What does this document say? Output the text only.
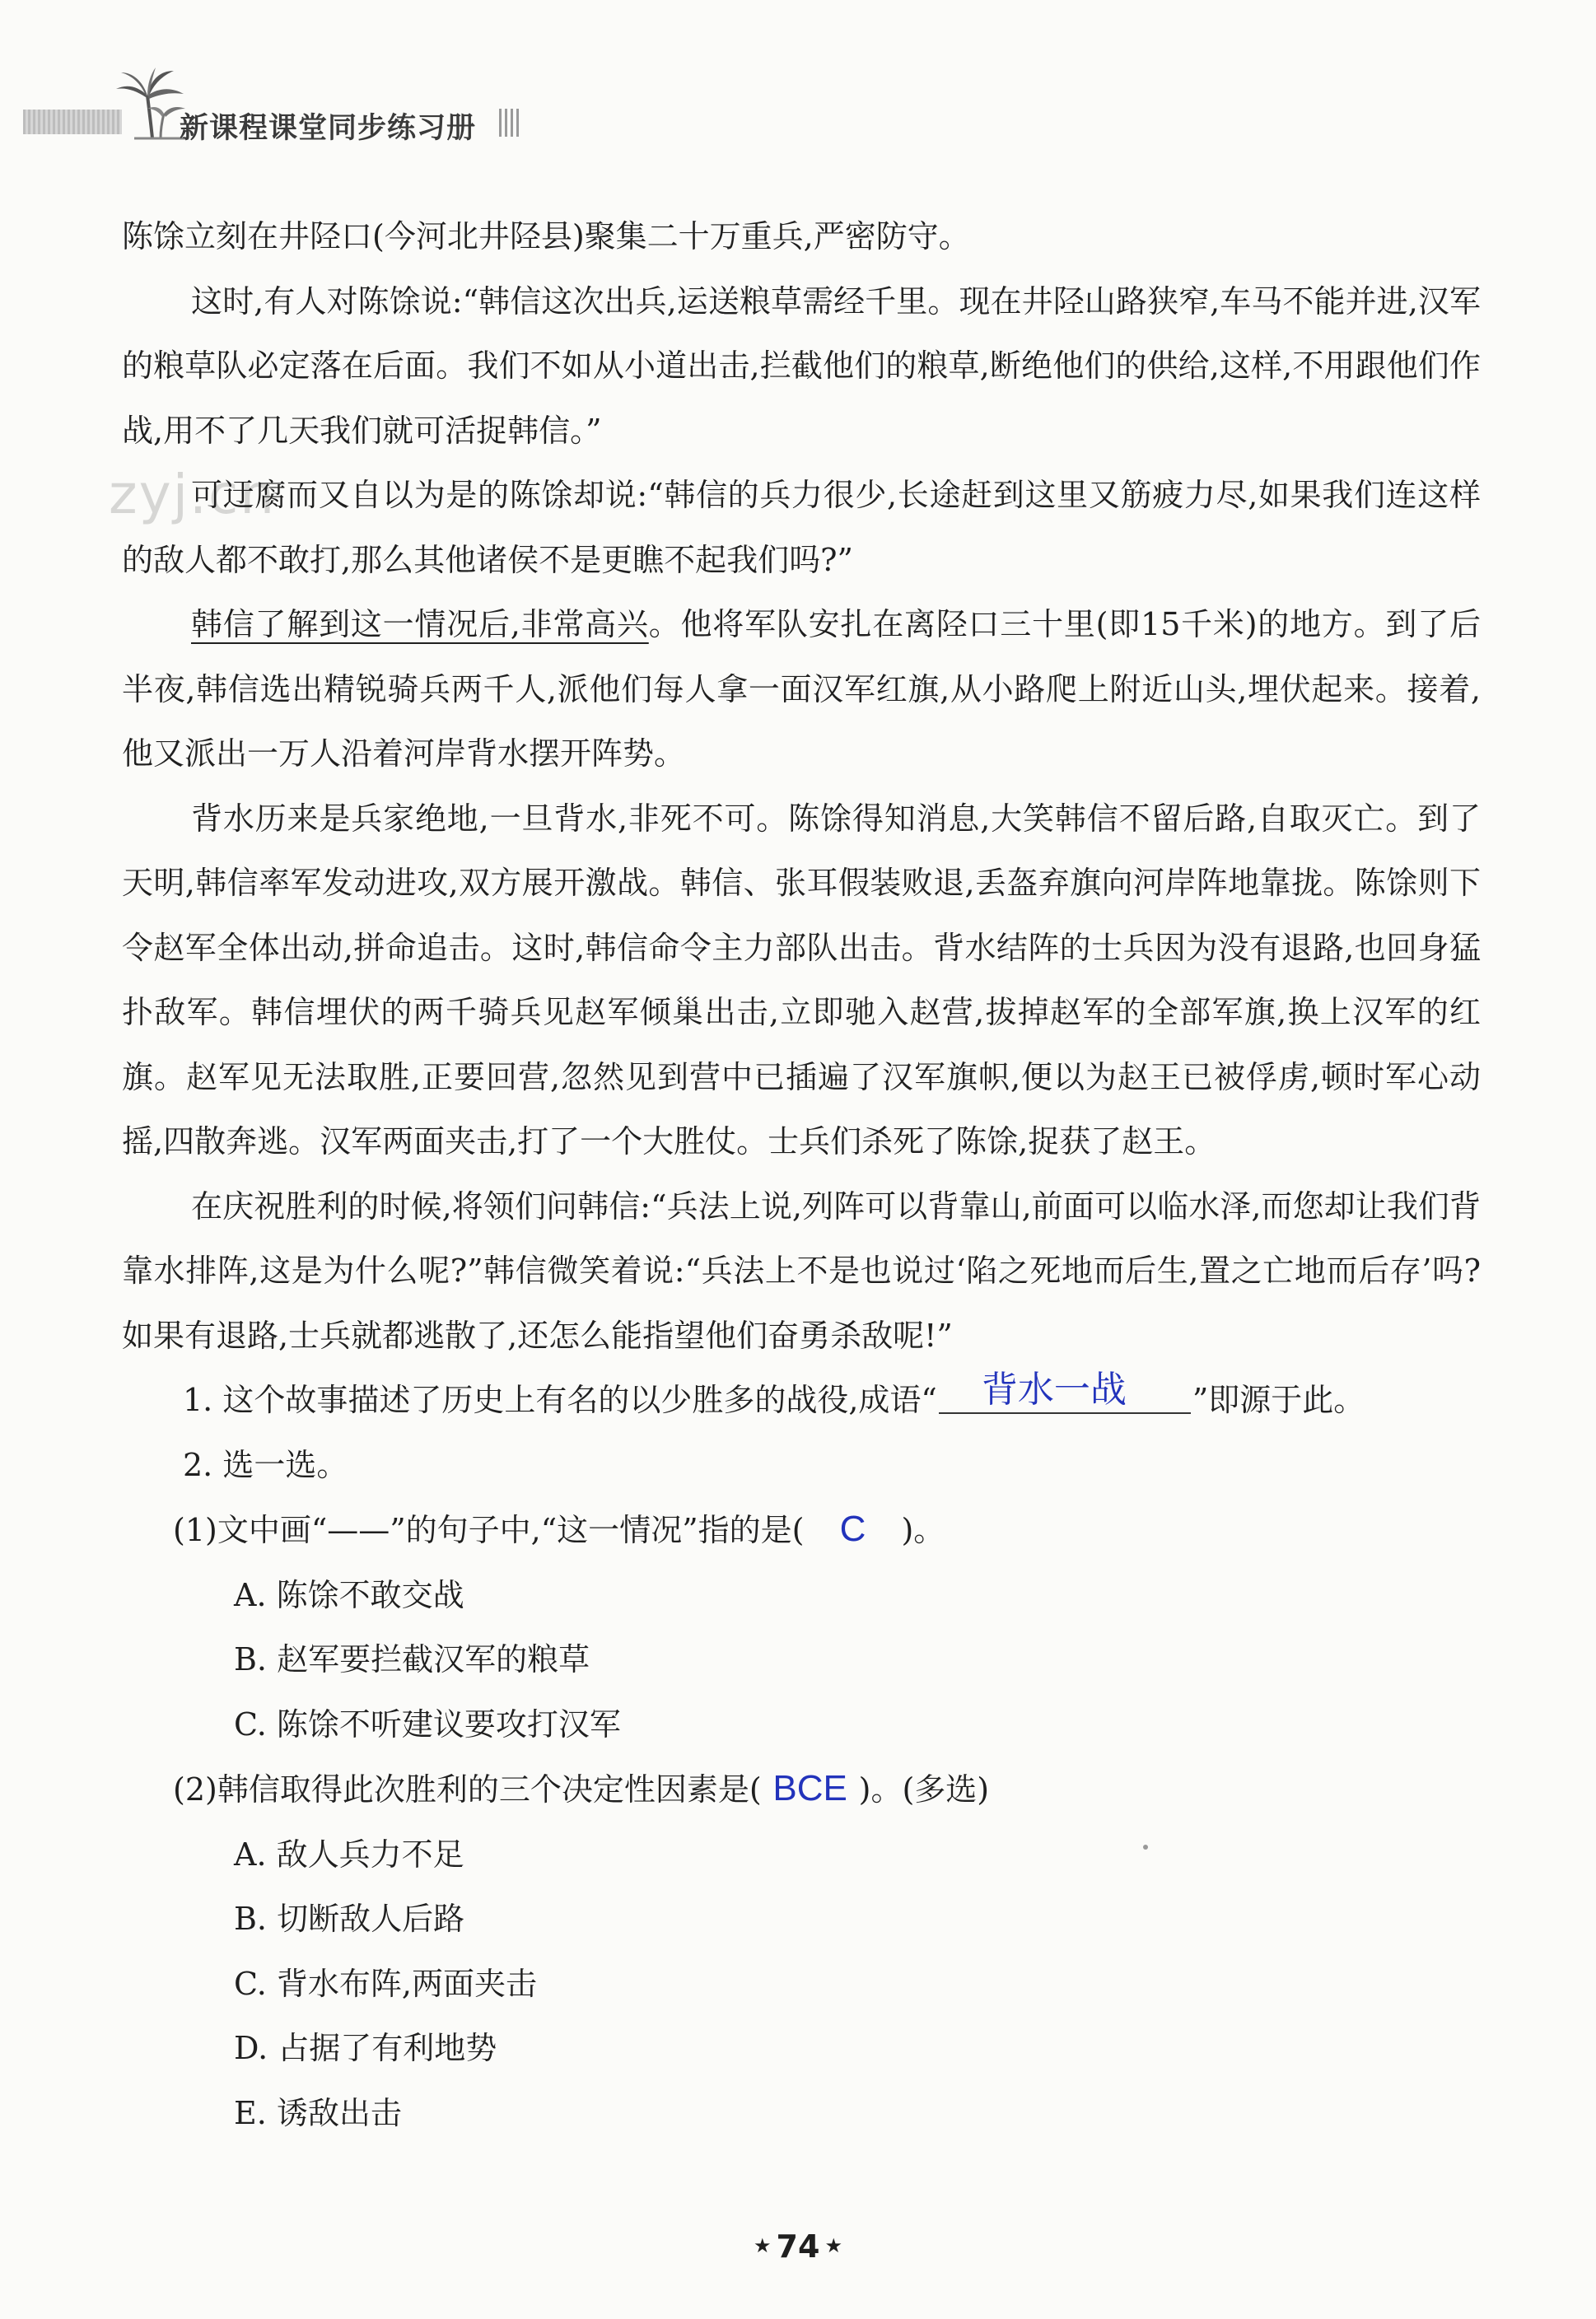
新课程课堂同步练习册
zyj.cn

陈馀立刻在井陉口(今河北井陉县)聚集二十万重兵,严密防守。

这时,有人对陈馀说:“韩信这次出兵,运送粮草需经千里。现在井陉山路狭窄,车马不能并进,汉军的粮草队必定落在后面。我们不如从小道出击,拦截他们的粮草,断绝他们的供给,这样,不用跟他们作战,用不了几天我们就可活捉韩信。”

可迂腐而又自以为是的陈馀却说:“韩信的兵力很少,长途赶到这里又筋疲力尽,如果我们连这样的敌人都不敢打,那么其他诸侯不是更瞧不起我们吗?”

韩信了解到这一情况后,非常高兴。他将军队安扎在离陉口三十里(即15千米)的地方。到了后半夜,韩信选出精锐骑兵两千人,派他们每人拿一面汉军红旗,从小路爬上附近山头,埋伏起来。接着,他又派出一万人沿着河岸背水摆开阵势。

背水历来是兵家绝地,一旦背水,非死不可。陈馀得知消息,大笑韩信不留后路,自取灭亡。到了天明,韩信率军发动进攻,双方展开激战。韩信、张耳假装败退,丢盔弃旗向河岸阵地靠拢。陈馀则下令赵军全体出动,拼命追击。这时,韩信命令主力部队出击。背水结阵的士兵因为没有退路,也回身猛扑敌军。韩信埋伏的两千骑兵见赵军倾巢出击,立即驰入赵营,拔掉赵军的全部军旗,换上汉军的红旗。赵军见无法取胜,正要回营,忽然见到营中已插遍了汉军旗帜,便以为赵王已被俘虏,顿时军心动摇,四散奔逃。汉军两面夹击,打了一个大胜仗。士兵们杀死了陈馀,捉获了赵王。

在庆祝胜利的时候,将领们问韩信:“兵法上说,列阵可以背靠山,前面可以临水泽,而您却让我们背靠水排阵,这是为什么呢?”韩信微笑着说:“兵法上不是也说过‘陷之死地而后生,置之亡地而后存’吗?如果有退路,士兵就都逃散了,还怎么能指望他们奋勇杀敌呢!”

1. 这个故事描述了历史上有名的以少胜多的战役,成语“ 背水一战 ”即源于此。

2. 选一选。

(1)文中画“——”的句子中,“这一情况”指的是( C )。

A. 陈馀不敢交战

B. 赵军要拦截汉军的粮草

C. 陈馀不听建议要攻打汉军

(2)韩信取得此次胜利的三个决定性因素是( BCE )。(多选)

A. 敌人兵力不足

B. 切断敌人后路

C. 背水布阵,两面夹击

D. 占据了有利地势

E. 诱敌出击

★ 74 ★
